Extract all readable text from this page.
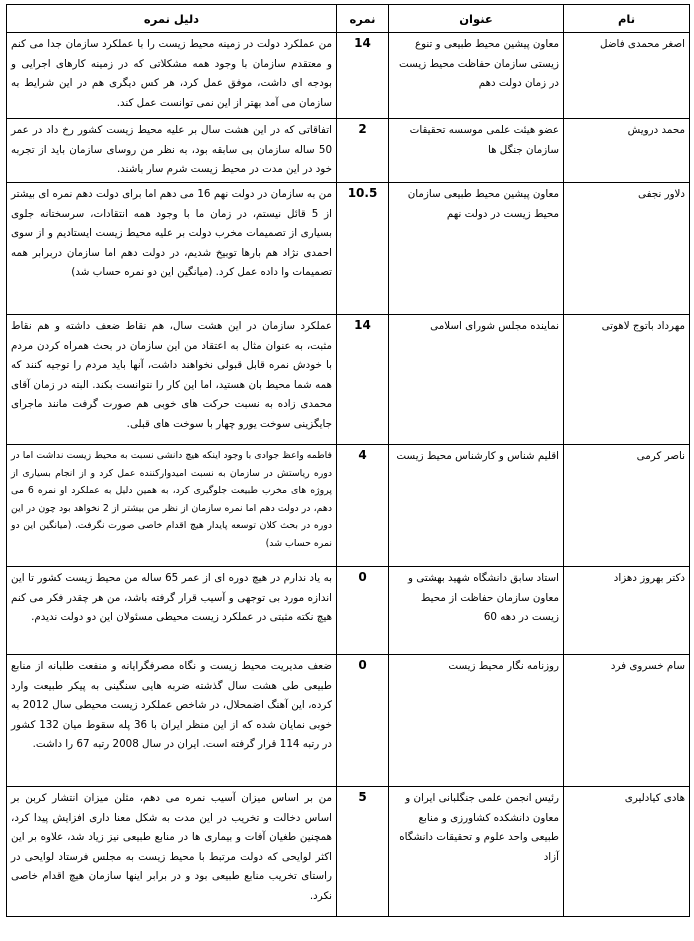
نام	عنوان	نمره	دلیل نمره
اصغر محمدی فاضل	معاون پیشین محیط طبیعی و تنوع زیستی سازمان حفاظت محیط زیست در زمان دولت دهم	14	من عملکرد دولت در زمینه محیط زیست را با عملکرد سازمان جدا می کنم و معتقدم سازمان با وجود همه مشکلاتی که در زمینه کارهای اجرایی و بودجه ای داشت، موفق عمل کرد، هر کس دیگری هم در این شرایط به سازمان می آمد بهتر از این نمی توانست عمل کند.
محمد درویش	عضو هیئت علمی موسسه تحقیقات سازمان جنگل ها	2	اتفاقاتی که در این هشت سال بر علیه محیط زیست کشور رخ داد در عمر 50 ساله سازمان بی سابقه بود، به نظر من روسای سازمان باید از تجربه خود در این مدت در محیط زیست شرم سار باشند.
دلاور نجفی	معاون پیشین محیط طبیعی سازمان محیط زیست در دولت نهم	10.5	من به سازمان در دولت نهم 16 می دهم اما برای دولت دهم نمره ای بیشتر از 5 قائل نیستم، در زمان ما با وجود همه انتقادات، سرسختانه جلوی بسیاری از تصمیمات مخرب دولت بر علیه محیط زیست ایستادیم و از سوی احمدی نژاد هم بارها توبیخ شدیم، در دولت دهم اما سازمان دربرابر همه تصمیمات وا داده عمل کرد. (میانگین این دو نمره حساب شد)
مهرداد باتوج لاهوتی	نماینده مجلس شورای اسلامی	14	عملکرد سازمان در این هشت سال، هم نقاط ضعف داشته و هم نقاط مثبت، به عنوان مثال به اعتقاد من این سازمان در بحث همراه کردن مردم با خودش نمره قابل قبولی نخواهند داشت، آنها باید مردم را توجیه کنند که همه شما محیط بان هستید، اما این کار را نتوانست بکند. البته در زمان آقای محمدی زاده به نسبت حرکت های خوبی هم صورت گرفت مانند ماجرای جایگزینی سوخت یورو چهار با سوخت های قبلی.
ناصر کرمی	اقلیم شناس و کارشناس محیط زیست	4	فاطمه واعظ جوادی با وجود اینکه هیچ دانشی نسبت به محیط زیست نداشت اما در دوره ریاستش در سازمان به نسبت امیدوارکننده عمل کرد و از انجام بسیاری از پروژه های مخرب طبیعت جلوگیری کرد، به همین دلیل به عملکرد او نمره 6 می دهم، در دولت دهم اما نمره سازمان از نظر من بیشتر از 2 نخواهد بود چون در این دوره در بحث کلان توسعه پایدار هیچ اقدام خاصی صورت نگرفت. (میانگین این دو نمره حساب شد)
دکتر بهروز دهزاد	استاد سابق دانشگاه شهید بهشتی و معاون سازمان حفاظت از محیط زیست در دهه 60	0	به یاد ندارم در هیچ دوره ای از عمر 65 ساله من محیط زیست کشور تا این اندازه مورد بی توجهی و آسیب قرار گرفته باشد، من هر چقدر فکر می کنم هیچ نکته مثبتی در عملکرد زیست محیطی مسئولان این دو دولت ندیدم.
سام خسروی فرد	روزنامه نگار محیط زیست	0	ضعف مدیریت محیط زیست و نگاه مصرفگرایانه و منفعت طلبانه از منابع طبیعی طی هشت سال گذشته ضربه هایی سنگینی به پیکر طبیعت وارد کرده، این آهنگ اضمحلال، در شاخص عملکرد زیست محیطی سال 2012 به خوبی نمایان شده که از این منظر ایران با 36 پله سقوط میان 132 کشور در رتبه 114 قرار گرفته است. ایران در سال 2008 رتبه 67 را داشت.
هادی کیادلیری	رئیس انجمن علمی جنگلبانی ایران و معاون دانشکده کشاورزی و منابع طبیعی واحد علوم و تحقیقات دانشگاه آزاد	5	من بر اساس میزان آسیب نمره می دهم، مثلن میزان انتشار کربن بر اساس دخالت و تخریب در این مدت به شکل معنا داری افزایش پیدا کرد، همچنین طغیان آفات و بیماری ها در منابع طبیعی نیز زیاد شد، علاوه بر این اکثر لوایحی که دولت مرتبط با محیط زیست به مجلس فرستاد لوایحی در راستای تخریب منابع طبیعی بود و در برابر اینها سازمان هیچ اقدام خاصی نکرد.
